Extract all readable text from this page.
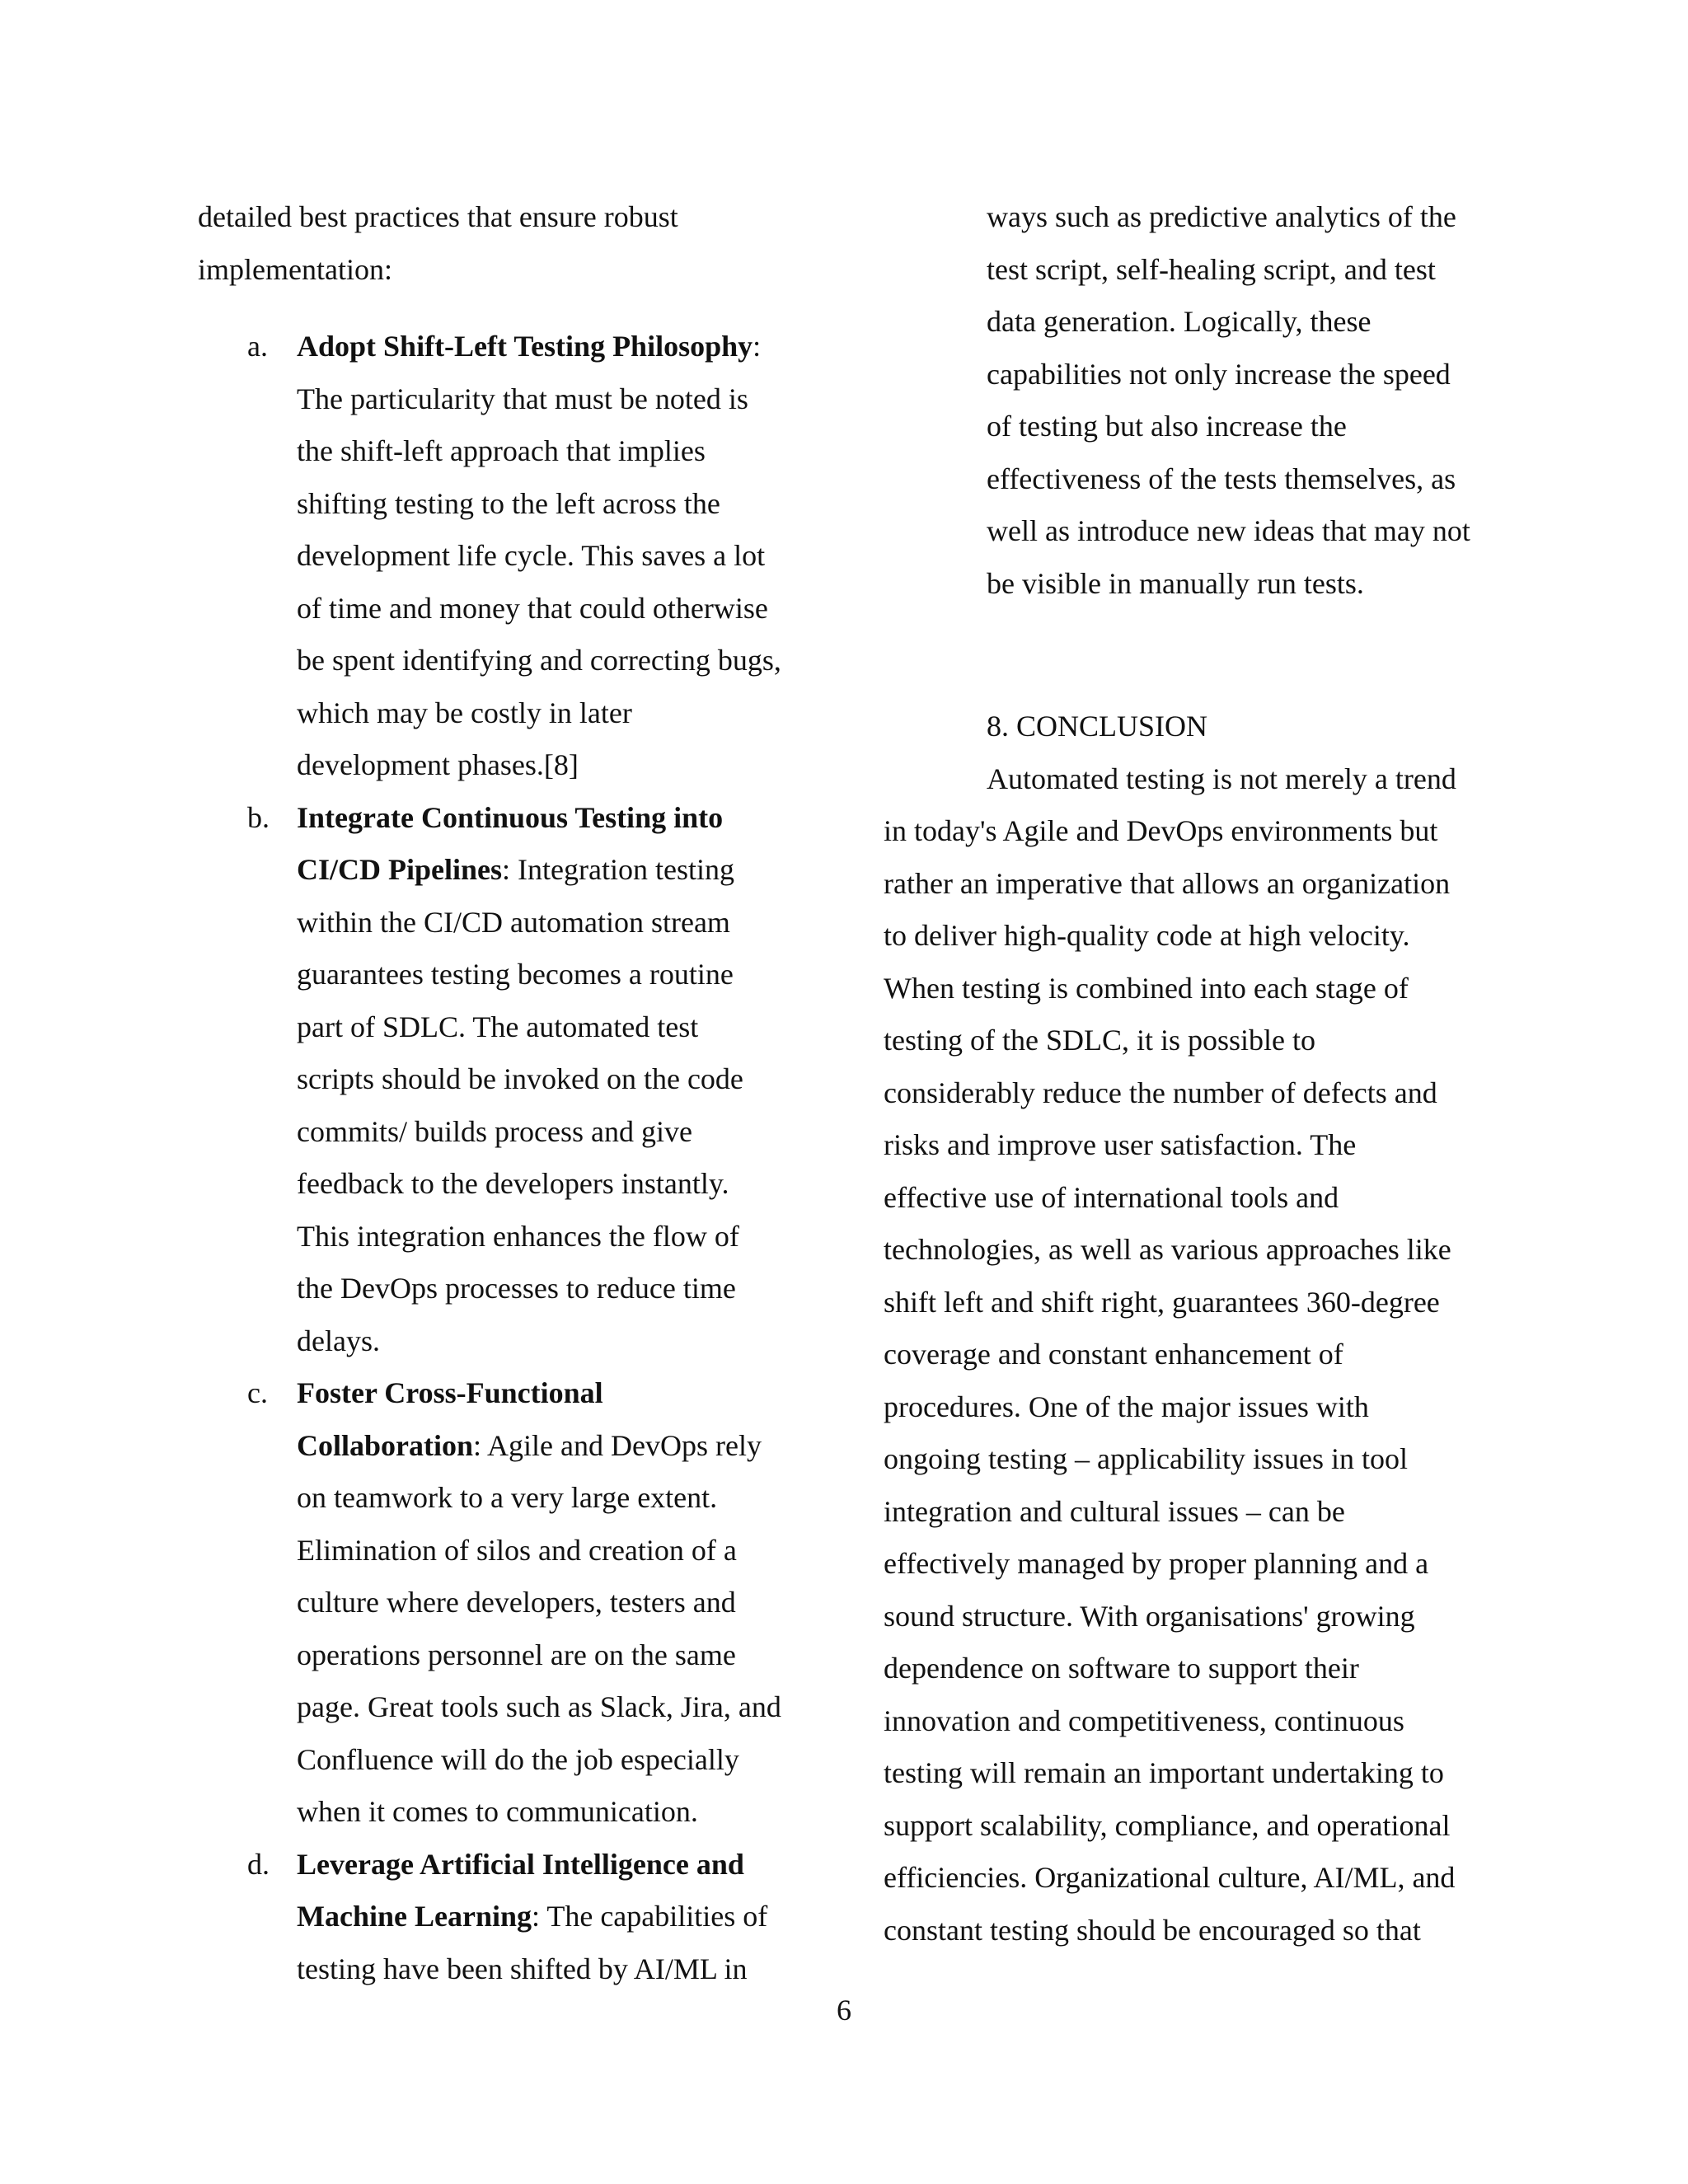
detailed best practices that ensure robust
implementation:
a. Adopt Shift-Left Testing Philosophy:
The particularity that must be noted is
the shift-left approach that implies
shifting testing to the left across the
development life cycle. This saves a lot
of time and money that could otherwise
be spent identifying and correcting bugs,
which may be costly in later
development phases.[8]
b. Integrate Continuous Testing into
CI/CD Pipelines: Integration testing
within the CI/CD automation stream
guarantees testing becomes a routine
part of SDLC. The automated test
scripts should be invoked on the code
commits/ builds process and give
feedback to the developers instantly.
This integration enhances the flow of
the DevOps processes to reduce time
delays.
c. Foster Cross-Functional
Collaboration: Agile and DevOps rely
on teamwork to a very large extent.
Elimination of silos and creation of a
culture where developers, testers and
operations personnel are on the same
page. Great tools such as Slack, Jira, and
Confluence will do the job especially
when it comes to communication.
d. Leverage Artificial Intelligence and
Machine Learning: The capabilities of
testing have been shifted by AI/ML in
ways such as predictive analytics of the
test script, self-healing script, and test
data generation. Logically, these
capabilities not only increase the speed
of testing but also increase the
effectiveness of the tests themselves, as
well as introduce new ideas that may not
be visible in manually run tests.
8. CONCLUSION
Automated testing is not merely a trend
in today's Agile and DevOps environments but
rather an imperative that allows an organization
to deliver high-quality code at high velocity.
When testing is combined into each stage of
testing of the SDLC, it is possible to
considerably reduce the number of defects and
risks and improve user satisfaction. The
effective use of international tools and
technologies, as well as various approaches like
shift left and shift right, guarantees 360-degree
coverage and constant enhancement of
procedures. One of the major issues with
ongoing testing – applicability issues in tool
integration and cultural issues – can be
effectively managed by proper planning and a
sound structure. With organisations' growing
dependence on software to support their
innovation and competitiveness, continuous
testing will remain an important undertaking to
support scalability, compliance, and operational
efficiencies. Organizational culture, AI/ML, and
constant testing should be encouraged so that
6
